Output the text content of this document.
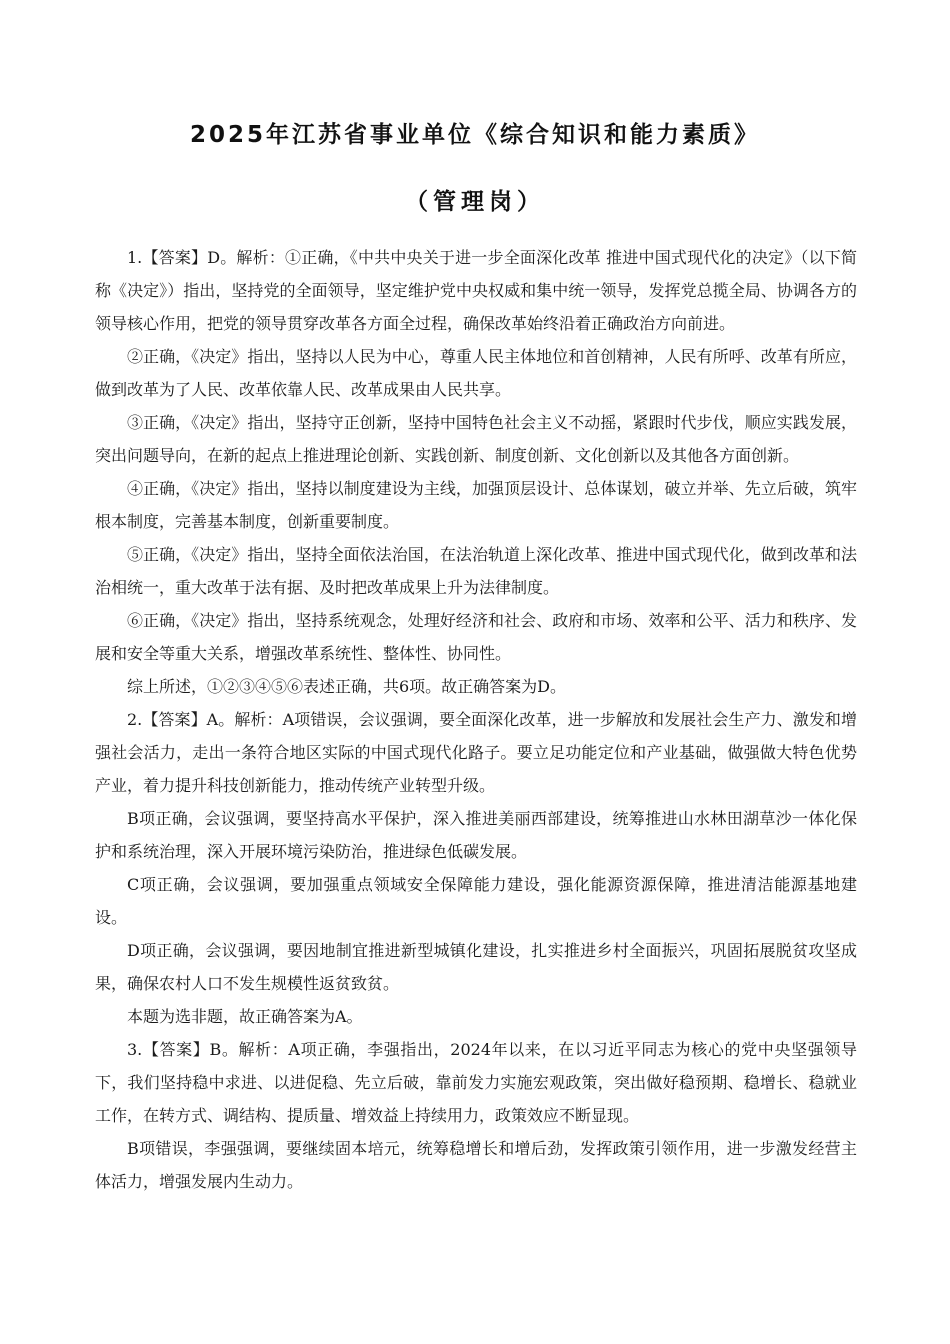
2025年江苏省事业单位《综合知识和能力素质》
（管理岗）

1.【答案】D。解析：①正确，《中共中央关于进一步全面深化改革 推进中国式现代化的决定》（以下简称《决定》）指出，坚持党的全面领导，坚定维护党中央权威和集中统一领导，发挥党总揽全局、协调各方的领导核心作用，把党的领导贯穿改革各方面全过程，确保改革始终沿着正确政治方向前进。

②正确，《决定》指出，坚持以人民为中心，尊重人民主体地位和首创精神，人民有所呼、改革有所应，做到改革为了人民、改革依靠人民、改革成果由人民共享。

③正确，《决定》指出，坚持守正创新，坚持中国特色社会主义不动摇，紧跟时代步伐，顺应实践发展，突出问题导向，在新的起点上推进理论创新、实践创新、制度创新、文化创新以及其他各方面创新。

④正确，《决定》指出，坚持以制度建设为主线，加强顶层设计、总体谋划，破立并举、先立后破，筑牢根本制度，完善基本制度，创新重要制度。

⑤正确，《决定》指出，坚持全面依法治国，在法治轨道上深化改革、推进中国式现代化，做到改革和法治相统一，重大改革于法有据、及时把改革成果上升为法律制度。

⑥正确，《决定》指出，坚持系统观念，处理好经济和社会、政府和市场、效率和公平、活力和秩序、发展和安全等重大关系，增强改革系统性、整体性、协同性。

综上所述，①②③④⑤⑥表述正确，共6项。故正确答案为D。

2.【答案】A。解析：A项错误，会议强调，要全面深化改革，进一步解放和发展社会生产力、激发和增强社会活力，走出一条符合地区实际的中国式现代化路子。要立足功能定位和产业基础，做强做大特色优势产业，着力提升科技创新能力，推动传统产业转型升级。

B项正确，会议强调，要坚持高水平保护，深入推进美丽西部建设，统筹推进山水林田湖草沙一体化保护和系统治理，深入开展环境污染防治，推进绿色低碳发展。

C项正确，会议强调，要加强重点领域安全保障能力建设，强化能源资源保障，推进清洁能源基地建设。

D项正确，会议强调，要因地制宜推进新型城镇化建设，扎实推进乡村全面振兴，巩固拓展脱贫攻坚成果，确保农村人口不发生规模性返贫致贫。

本题为选非题，故正确答案为A。

3.【答案】B。解析：A项正确，李强指出，2024年以来，在以习近平同志为核心的党中央坚强领导下，我们坚持稳中求进、以进促稳、先立后破，靠前发力实施宏观政策，突出做好稳预期、稳增长、稳就业工作，在转方式、调结构、提质量、增效益上持续用力，政策效应不断显现。

B项错误，李强强调，要继续固本培元，统筹稳增长和增后劲，发挥政策引领作用，进一步激发经营主体活力，增强发展内生动力。
